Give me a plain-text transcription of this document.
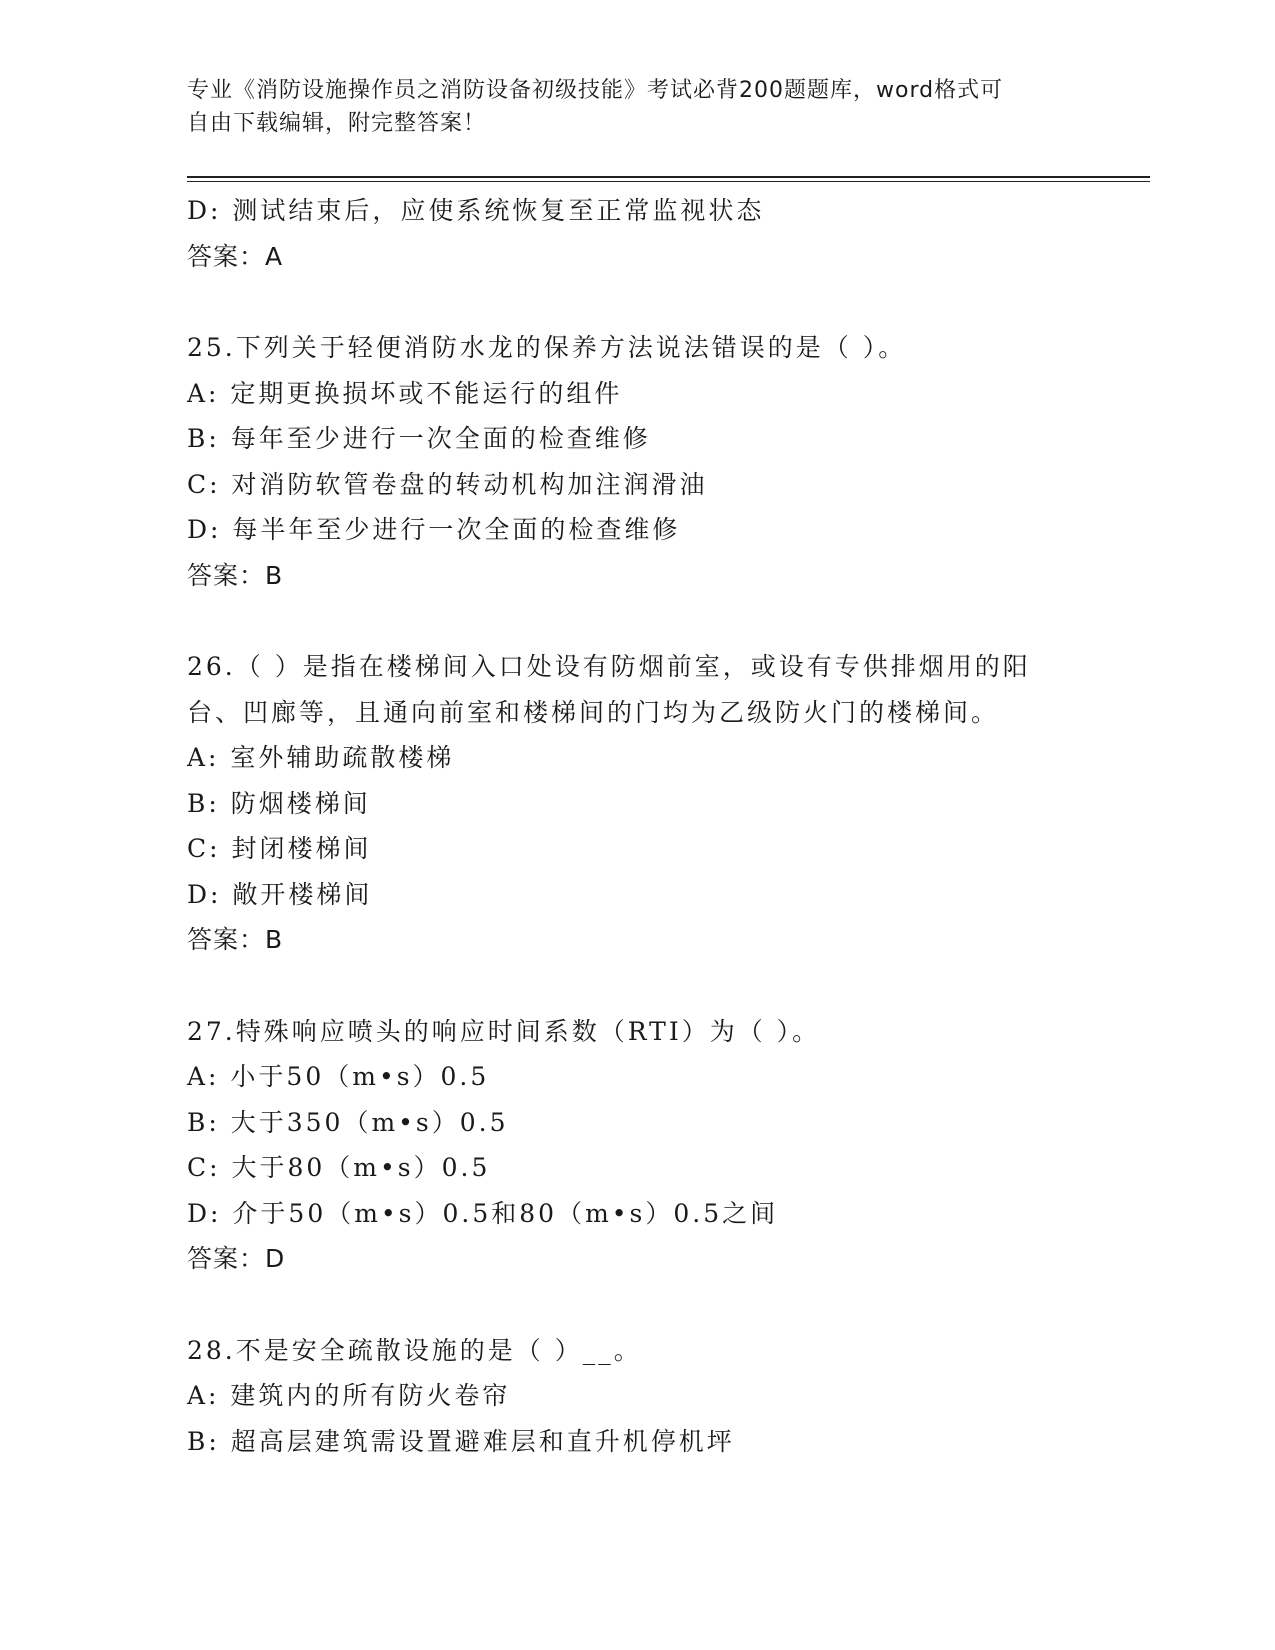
专业《消防设施操作员之消防设备初级技能》考试必背200题题库，word格式可
自由下载编辑，附完整答案！
D: 测试结束后，应使系统恢复至正常监视状态
答案：A
25.下列关于轻便消防水龙的保养方法说法错误的是（ ）。
A: 定期更换损坏或不能运行的组件
B: 每年至少进行一次全面的检查维修
C: 对消防软管卷盘的转动机构加注润滑油
D: 每半年至少进行一次全面的检查维修
答案：B
26.（ ）是指在楼梯间入口处设有防烟前室，或设有专供排烟用的阳
台、凹廊等，且通向前室和楼梯间的门均为乙级防火门的楼梯间。
A: 室外辅助疏散楼梯
B: 防烟楼梯间
C: 封闭楼梯间
D: 敞开楼梯间
答案：B
27.特殊响应喷头的响应时间系数（RTI）为（ ）。
A: 小于50（m•s）0.5
B: 大于350（m•s）0.5
C: 大于80（m•s）0.5
D: 介于50（m•s）0.5和80（m•s）0.5之间
答案：D
28.不是安全疏散设施的是（ ）__。
A: 建筑内的所有防火卷帘
B: 超高层建筑需设置避难层和直升机停机坪
